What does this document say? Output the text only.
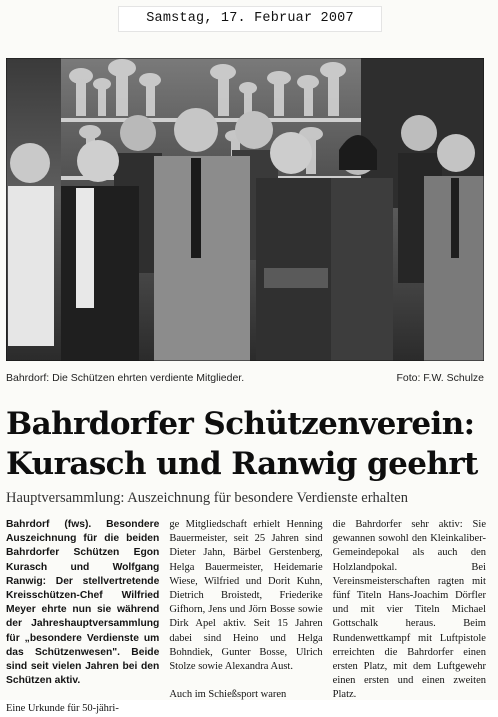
Samstag, 17. Februar 2007
Bahrdorf: Die Schützen ehrten verdiente Mitglieder.	Foto: F.W. Schulze
Bahrdorfer Schützenverein:
Kurasch und Ranwig geehrt
Hauptversammlung: Auszeichnung für besondere Verdienste erhalten

Bahrdorf (fws). Besondere Auszeichnung für die beiden Bahrdorfer Schützen Egon Kurasch und Wolfgang Ranwig: Der stellvertretende Kreisschützen-Chef Wilfried Meyer ehrte nun sie während der Jahreshauptversammlung für „besondere Verdienste um das Schützenwesen". Beide sind seit vielen Jahren bei den Schützen aktiv.

Eine Urkunde für 50-jähri-

ge Mitgliedschaft erhielt Henning Bauermeister, seit 25 Jahren sind Dieter Jahn, Bärbel Gerstenberg, Helga Bauermeister, Heidemarie Wiese, Wilfried und Dorit Kuhn, Dietrich Broistedt, Friederike Gifhorn, Jens und Jörn Bosse sowie Dirk Apel aktiv. Seit 15 Jahren dabei sind Heino und Helga Bohndiek, Gunter Bosse, Ulrich Stolze sowie Alexandra Aust.

Auch im Schießsport waren

die Bahrdorfer sehr aktiv: Sie gewannen sowohl den Kleinkaliber-Gemeindepokal als auch den Holzlandpokal. Bei Vereinsmeisterschaften ragten mit fünf Titeln Hans-Joachim Dörfler und mit vier Titeln Michael Gottschalk heraus. Beim Rundenwettkampf mit Luftpistole erreichten die Bahrdorfer einen ersten Platz, mit dem Luftgewehr einen ersten und einen zweiten Platz.
